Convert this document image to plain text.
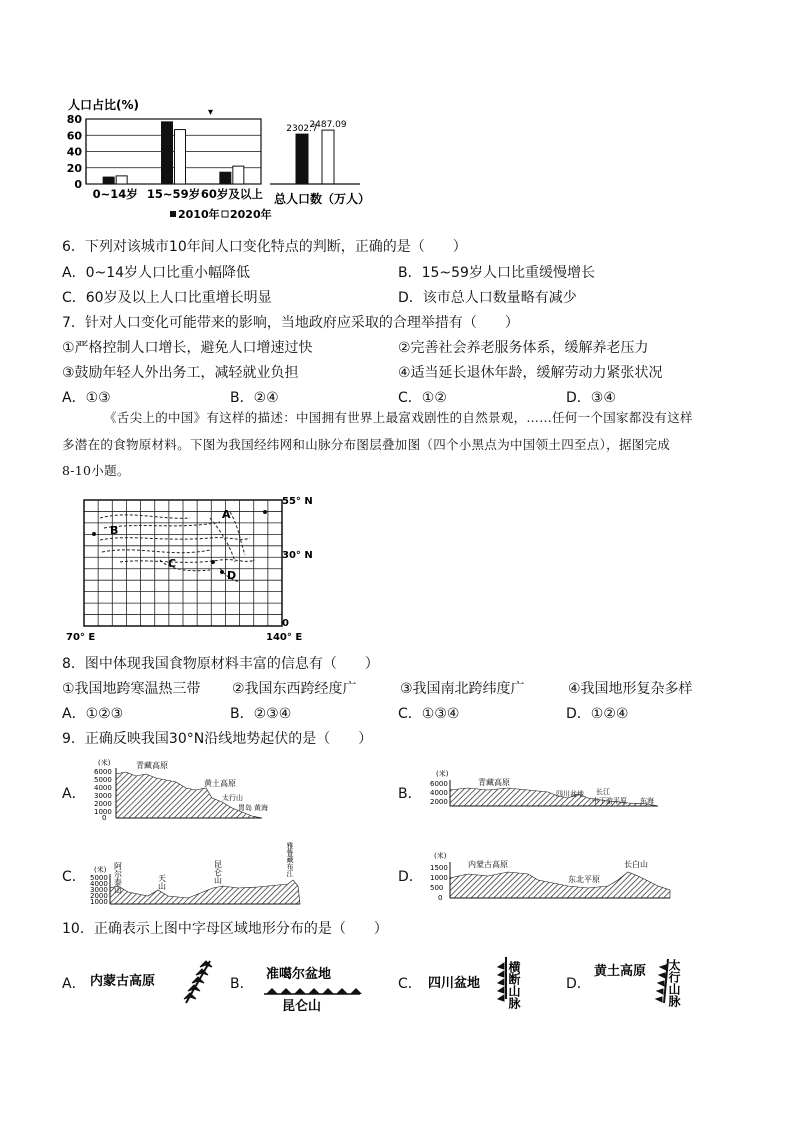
人口占比(%)
80
60
40
20
0
0~14岁 15~59岁 60岁及以上
2302.7
2487.09
总人口数（万人）
2010年 2020年
▾
6．下列对该城市10年间人口变化特点的判断，正确的是（　　）
A．0~14岁人口比重小幅降低	B．15~59岁人口比重缓慢增长
C．60岁及以上人口比重增长明显	D．该市总人口数量略有减少
7．针对人口变化可能带来的影响，当地政府应采取的合理举措有（　　）
①严格控制人口增长，避免人口增速过快	②完善社会养老服务体系，缓解养老压力
③鼓励年轻人外出务工，减轻就业负担	④适当延长退休年龄，缓解劳动力紧张状况
A．①③	B．②④	C．①②	D．③④
《舌尖上的中国》有这样的描述：中国拥有世界上最富戏剧性的自然景观，……任何一个国家都没有这样
多潜在的食物原材料。下图为我国经纬网和山脉分布图层叠加图（四个小黑点为中国领土四至点），据图完成
8-10小题。
A
B
C
D
55° N
30° N
0
70° E	140° E
8．图中体现我国食物原材料丰富的信息有（　　）
①我国地跨寒温热三带 ②我国东西跨经度广	③我国南北跨纬度广	④我国地形复杂多样
A．①②③	B．②③④	C．①③④	D．①②④
9．正确反映我国30°N沿线地势起伏的是（　　）
A．
(米)
6000
5000
4000
3000
2000
1000
0
青藏高原
黄土高原
太行山
胃岛 黄海
B．
(米)
6000
4000
2000
青藏高原
四川盆地 长江
中下游平原 东海
C． (米)
5000
4000
3000
2000
1000
阿尔泰山	天山	昆仑山	雅鲁藏布江	D．
(米)
1500
1000
500
0
内蒙古高原
东北平原
长白山
10．正确表示上图中字母区域地形分布的是（　　）
A． 内蒙古高原	B．
准噶尔盆地
昆仑山
C． 四川盆地 横断山脉	D．
黄土高原 太行山脉
